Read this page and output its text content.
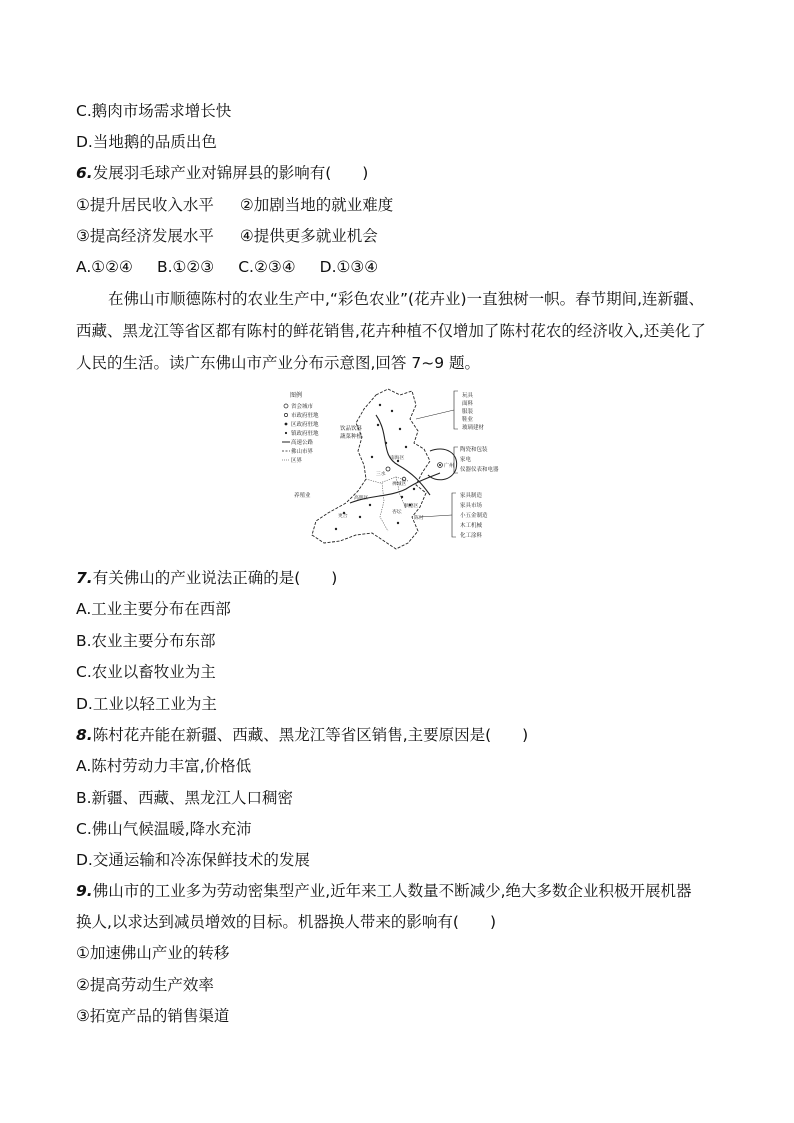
C.鹅肉市场需求增长快
D.当地鹅的品质出色
6.发展羽毛球产业对锦屏县的影响有(　　)
①提升居民收入水平 ②加剧当地的就业难度
③提高经济发展水平 ④提供更多就业机会
A.①②④ B.①②③ C.②③④ D.①③④
在佛山市顺德陈村的农业生产中,“彩色农业”(花卉业)一直独树一帜。春节期间,连新疆、
西藏、黑龙江等省区都有陈村的鲜花销售,花卉种植不仅增加了陈村花农的经济收入,还美化了
人民的生活。读广东佛山市产业分布示意图,回答 7~9 题。
图例
省会城市
市政府驻地
区政府驻地
镇政府驻地
高速公路
佛山市界
区界
饮品饮料
蔬菜种植
养殖业
广州
南海区
三水
禅城区
高明区
更合
顺德区
杏坛
陈村
玩具
面料
服装
鞋业
玻璃建材
陶瓷和包装
家电
仪器仪表和电器
家具制造
家具市场
小五金制造
木工机械
化工涂料
7.有关佛山的产业说法正确的是(　　)
A.工业主要分布在西部
B.农业主要分布东部
C.农业以畜牧业为主
D.工业以轻工业为主
8.陈村花卉能在新疆、西藏、黑龙江等省区销售,主要原因是(　　)
A.陈村劳动力丰富,价格低
B.新疆、西藏、黑龙江人口稠密
C.佛山气候温暖,降水充沛
D.交通运输和冷冻保鲜技术的发展
9.佛山市的工业多为劳动密集型产业,近年来工人数量不断减少,绝大多数企业积极开展机器
换人,以求达到减员增效的目标。机器换人带来的影响有(　　)
①加速佛山产业的转移
②提高劳动生产效率
③拓宽产品的销售渠道
